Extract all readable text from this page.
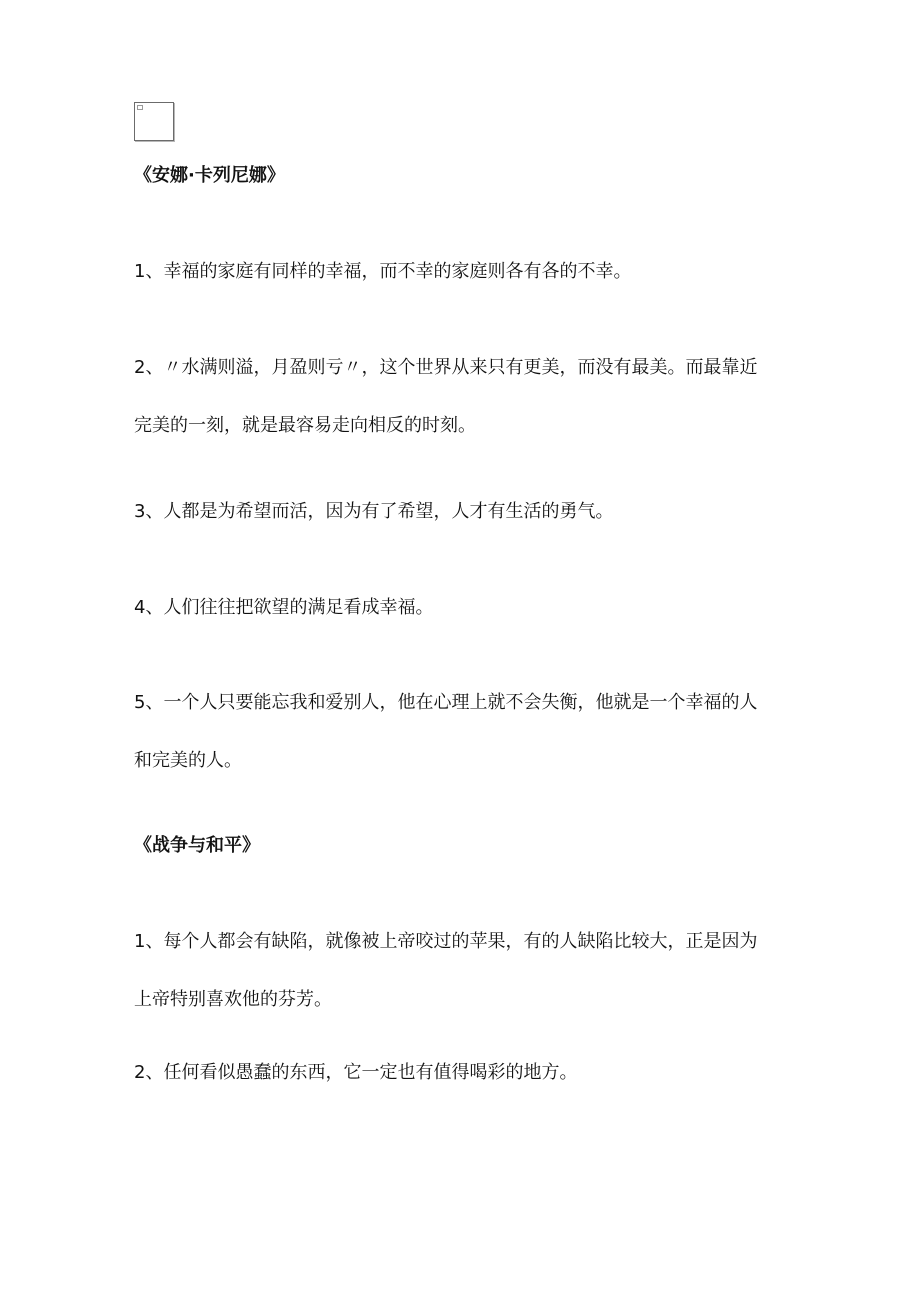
《安娜·卡列尼娜》
1、幸福的家庭有同样的幸福，而不幸的家庭则各有各的不幸。
2、〃水满则溢，月盈则亏〃，这个世界从来只有更美，而没有最美。而最靠近
完美的一刻，就是最容易走向相反的时刻。
3、人都是为希望而活，因为有了希望，人才有生活的勇气。
4、人们往往把欲望的满足看成幸福。
5、一个人只要能忘我和爱别人，他在心理上就不会失衡，他就是一个幸福的人
和完美的人。
《战争与和平》
1、每个人都会有缺陷，就像被上帝咬过的苹果，有的人缺陷比较大，正是因为
上帝特别喜欢他的芬芳。
2、任何看似愚蠢的东西，它一定也有值得喝彩的地方。
